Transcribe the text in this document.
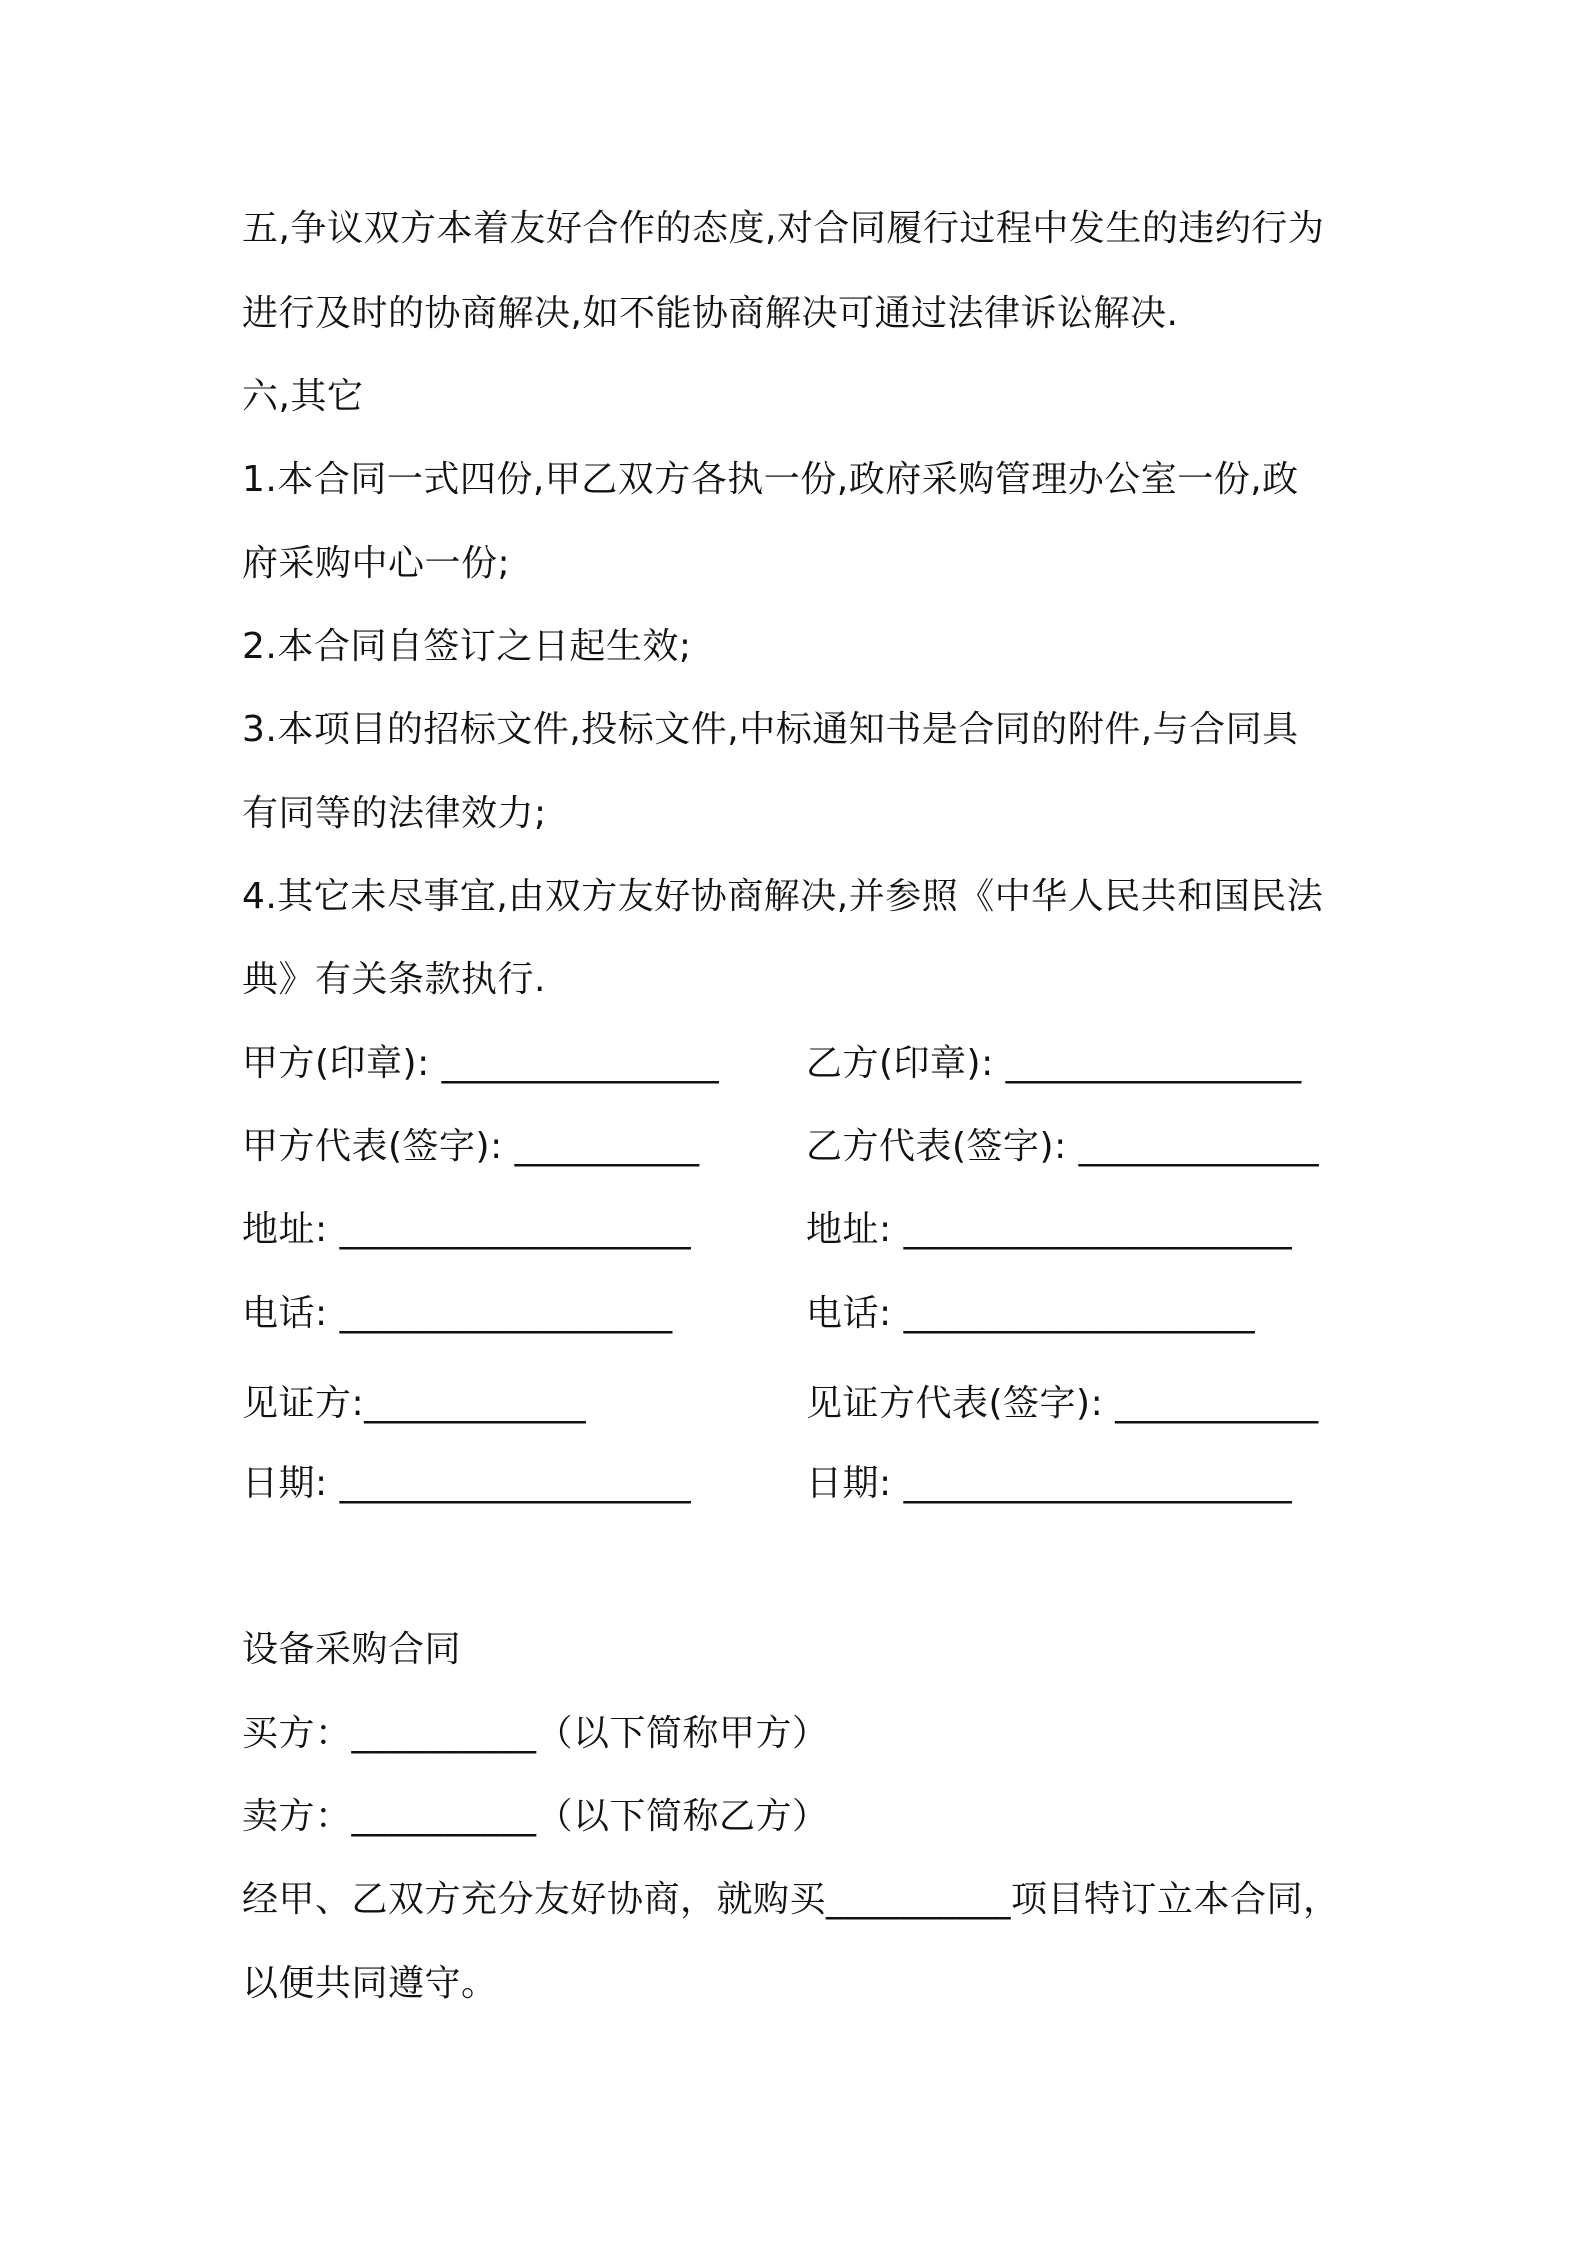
五,争议双方本着友好合作的态度,对合同履行过程中发生的违约行为
进行及时的协商解决,如不能协商解决可通过法律诉讼解决.
六,其它
1.本合同一式四份,甲乙双方各执一份,政府采购管理办公室一份,政
府采购中心一份;
2.本合同自签订之日起生效;
3.本项目的招标文件,投标文件,中标通知书是合同的附件,与合同具
有同等的法律效力;
4.其它未尽事宜,由双方友好协商解决,并参照《中华人民共和国民法
典》有关条款执行.
甲方(印章): _______________ 乙方(印章): ________________
甲方代表(签字): __________	乙方代表(签字): _____________
地址: ___________________	地址: _____________________
电话: __________________	电话: ___________________
见证方:____________	见证方代表(签字): ___________
日期: ___________________	日期: _____________________
设备采购合同
买方：__________（以下简称甲方）
卖方：__________（以下简称乙方）
经甲、乙双方充分友好协商，就购买__________项目特订立本合同，
以便共同遵守。
